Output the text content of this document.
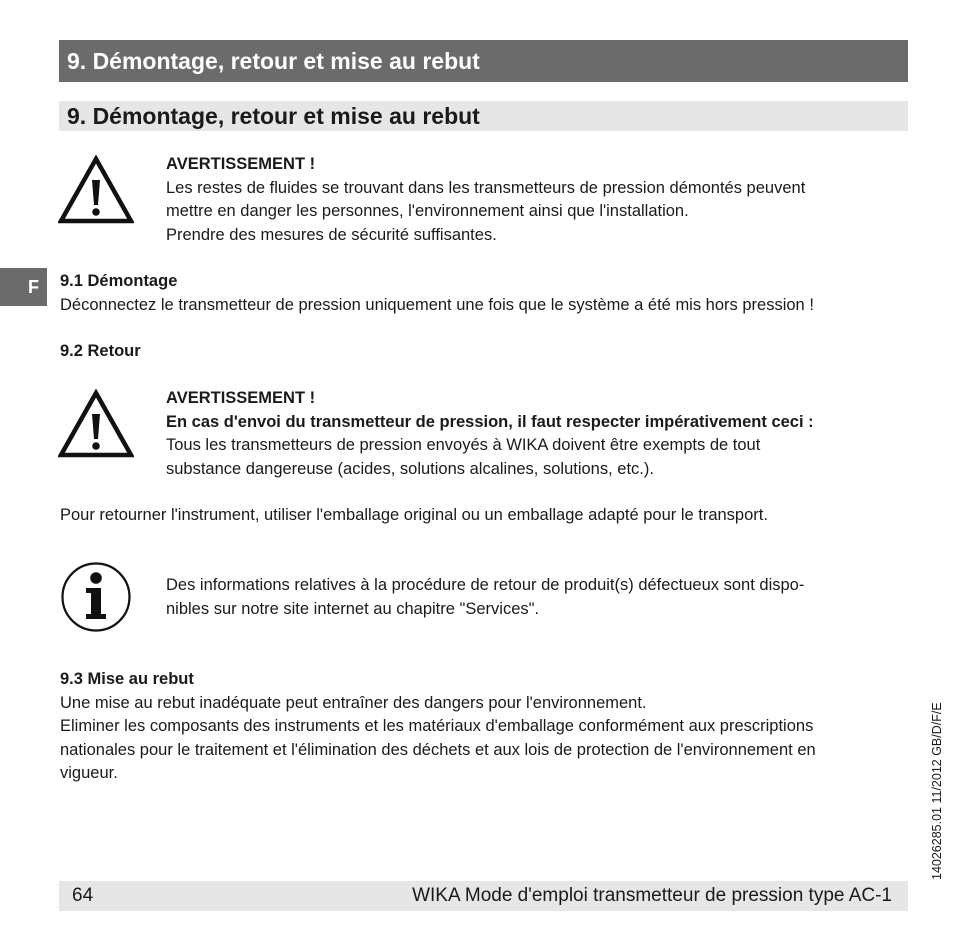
9. Démontage, retour et mise au rebut
9. Démontage, retour et mise au rebut
F
AVERTISSEMENT !
Les restes de fluides se trouvant dans les transmetteurs de pression démontés peuvent
mettre en danger les personnes, l'environnement ainsi que l'installation.
Prendre des mesures de sécurité suffisantes.
9.1 Démontage
Déconnectez le transmetteur de pression uniquement une fois que le système a été mis hors pression !
9.2 Retour
AVERTISSEMENT !
En cas d'envoi du transmetteur de pression, il faut respecter impérativement ceci :
Tous les transmetteurs de pression envoyés à WIKA doivent être exempts de tout
substance dangereuse (acides, solutions alcalines, solutions, etc.).
Pour retourner l'instrument, utiliser l'emballage original ou un emballage adapté pour le transport.
Des informations relatives à la procédure de retour de produit(s) défectueux sont dispo-
nibles sur notre site internet au chapitre "Services".
9.3 Mise au rebut
Une mise au rebut inadéquate peut entraîner des dangers pour l'environnement.
Eliminer les composants des instruments et les matériaux d'emballage conformément aux prescriptions
nationales pour le traitement et l'élimination des déchets et aux lois de protection de l'environnement en
vigueur.	14026285.01 11/2012 GB/D/F/E
64	WIKA Mode d'emploi transmetteur de pression type AC-1
